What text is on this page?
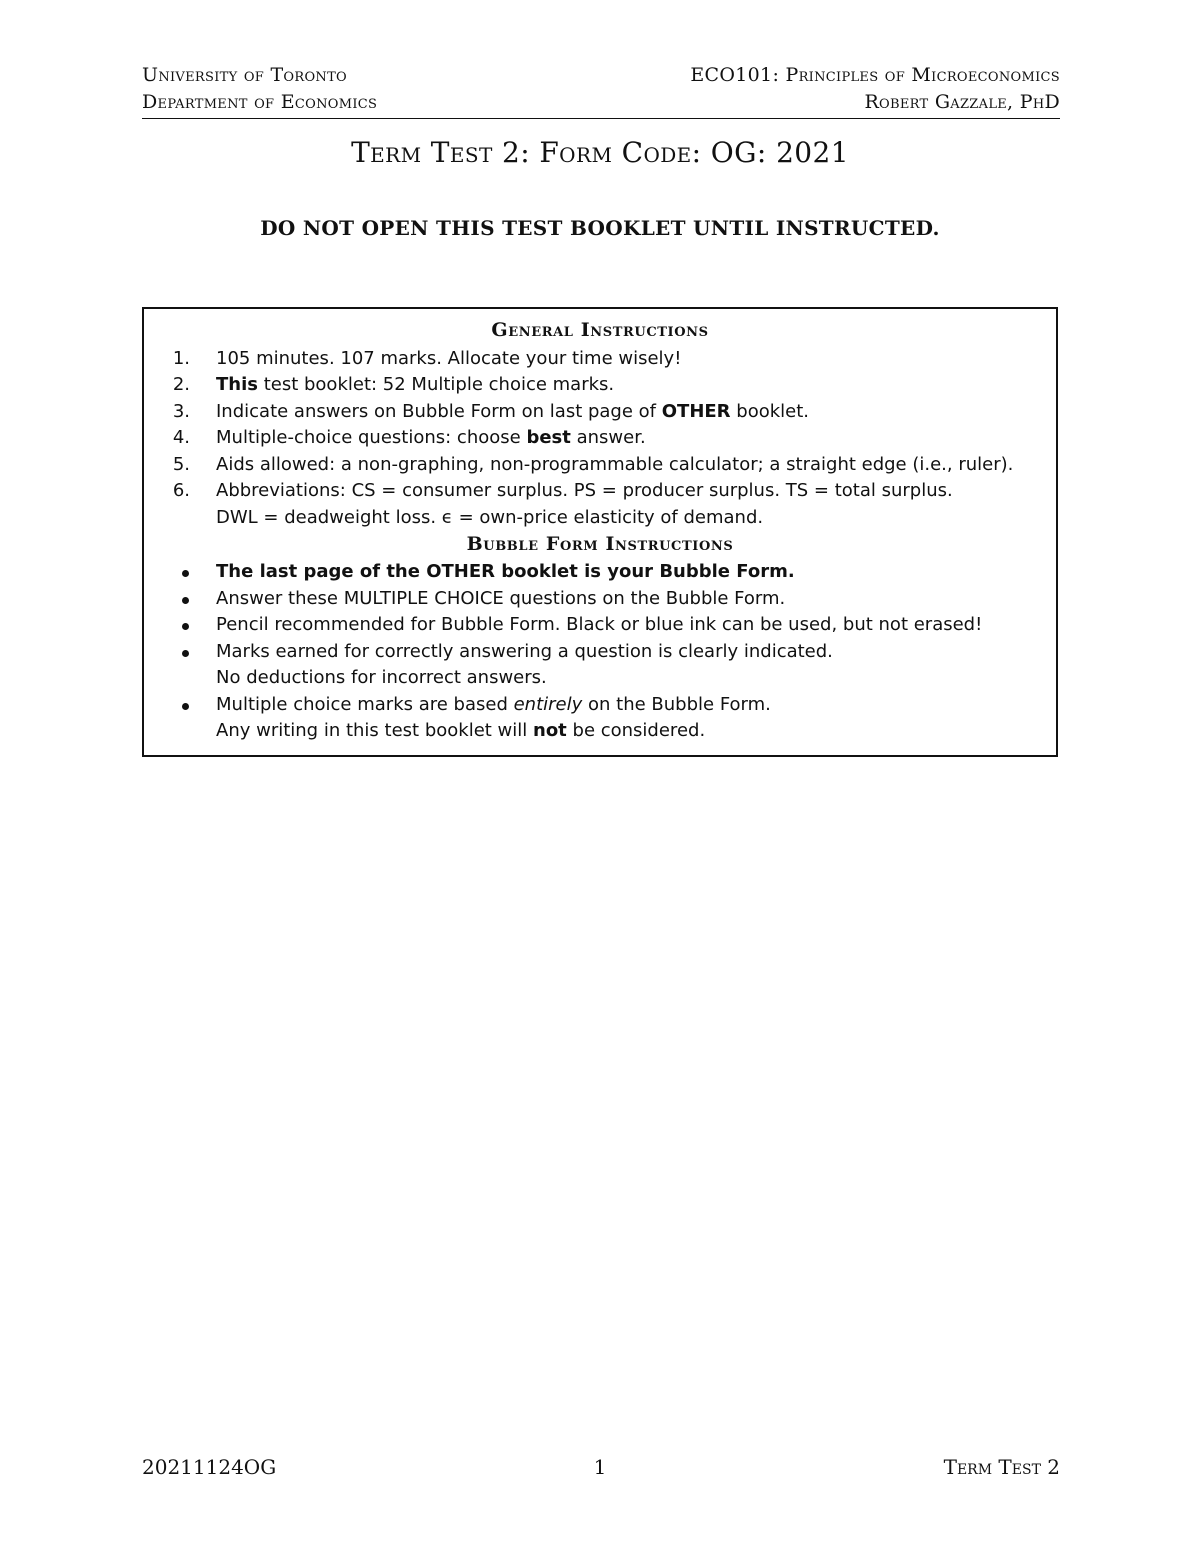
University of Toronto	ECO101: Principles of Microeconomics
Department of Economics	Robert Gazzale, PhD
Term Test 2: Form Code: OG: 2021
DO NOT OPEN THIS TEST BOOKLET UNTIL INSTRUCTED.
General Instructions
1. 105 minutes. 107 marks. Allocate your time wisely!
2. This test booklet: 52 Multiple choice marks.
3. Indicate answers on Bubble Form on last page of OTHER booklet.
4. Multiple-choice questions: choose best answer.
5. Aids allowed: a non-graphing, non-programmable calculator; a straight edge (i.e., ruler).
6. Abbreviations: CS = consumer surplus. PS = producer surplus. TS = total surplus.
DWL = deadweight loss. ϵ = own-price elasticity of demand.
Bubble Form Instructions
The last page of the OTHER booklet is your Bubble Form.
Answer these MULTIPLE CHOICE questions on the Bubble Form.
Pencil recommended for Bubble Form. Black or blue ink can be used, but not erased!
Marks earned for correctly answering a question is clearly indicated.
No deductions for incorrect answers.
Multiple choice marks are based entirely on the Bubble Form.
Any writing in this test booklet will not be considered.
20211124OG	1	Term Test 2
